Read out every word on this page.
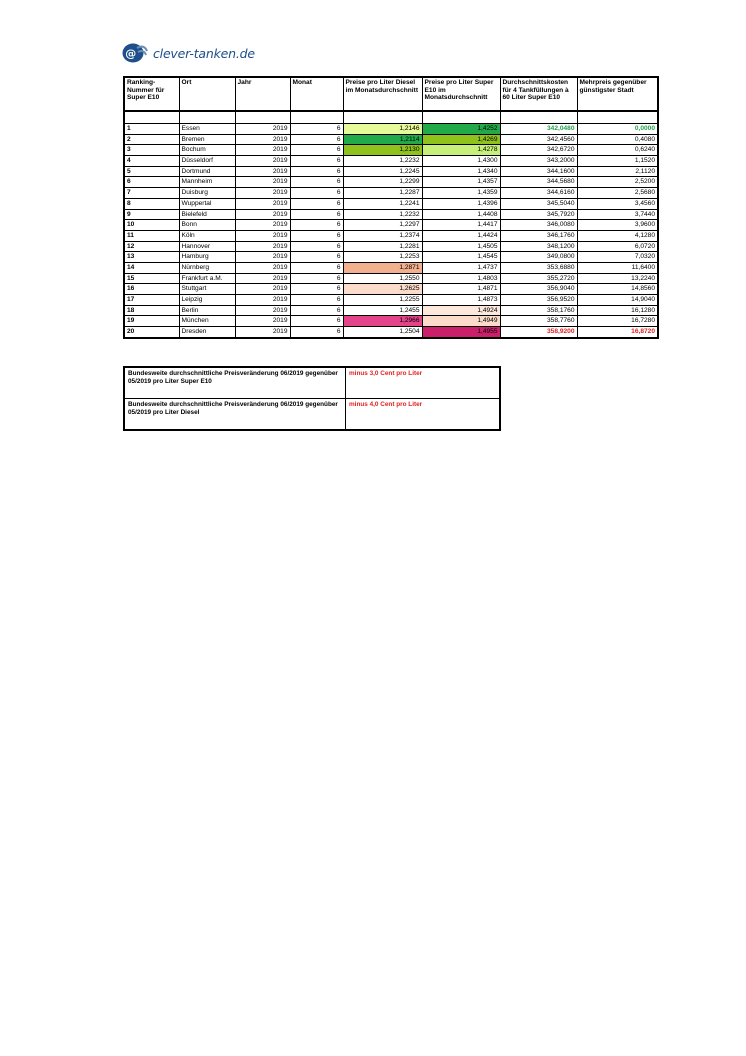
@ clever-tanken.de
Ranking-Nummer für Super E10	Ort	Jahr	Monat	Preise pro Liter Diesel im Monatsdurchschnitt	Preise pro Liter Super E10 im Monatsdurchschnitt	Durchschnittskosten für 4 Tankfüllungen à 60 Liter Super E10	Mehrpreis gegenüber günstigster Stadt

1	Essen	2019	6	1,2146	1,4252	342,0480	0,0000
2	Bremen	2019	6	1,2114	1,4269	342,4560	0,4080
3	Bochum	2019	6	1,2130	1,4278	342,6720	0,6240
4	Düsseldorf	2019	6	1,2232	1,4300	343,2000	1,1520
5	Dortmund	2019	6	1,2245	1,4340	344,1600	2,1120
6	Mannheim	2019	6	1,2299	1,4357	344,5680	2,5200
7	Duisburg	2019	6	1,2287	1,4359	344,6160	2,5680
8	Wuppertal	2019	6	1,2241	1,4396	345,5040	3,4560
9	Bielefeld	2019	6	1,2232	1,4408	345,7920	3,7440
10	Bonn	2019	6	1,2297	1,4417	346,0080	3,9600
11	Köln	2019	6	1,2374	1,4424	346,1760	4,1280
12	Hannover	2019	6	1,2281	1,4505	348,1200	6,0720
13	Hamburg	2019	6	1,2253	1,4545	349,0800	7,0320
14	Nürnberg	2019	6	1,2871	1,4737	353,6880	11,6400
15	Frankfurt a.M.	2019	6	1,2550	1,4803	355,2720	13,2240
16	Stuttgart	2019	6	1,2625	1,4871	356,9040	14,8560
17	Leipzig	2019	6	1,2255	1,4873	356,9520	14,9040
18	Berlin	2019	6	1,2455	1,4924	358,1760	16,1280
19	München	2019	6	1,2966	1,4949	358,7760	16,7280
20	Dresden	2019	6	1,2504	1,4955	358,9200	16,8720
Bundesweite durchschnittliche Preisveränderung 06/2019 gegenüber 05/2019 pro Liter Super E10	minus 3,0 Cent pro Liter
Bundesweite durchschnittliche Preisveränderung 06/2019 gegenüber 05/2019 pro Liter Diesel	minus 4,0 Cent pro Liter
